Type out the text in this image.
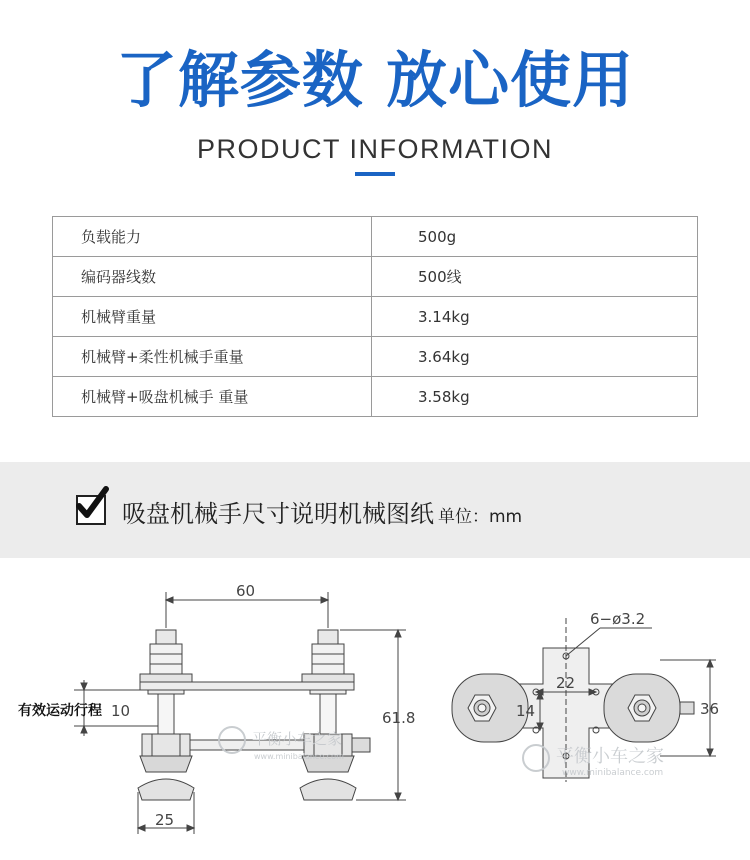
了解参数 放心使用
PRODUCT INFORMATION
负载能力	500g
编码器线数	500线
机械臂重量	3.14kg
机械臂+柔性机械手重量	3.64kg
机械臂+吸盘机械手 重量	3.58kg
吸盘机械手尺寸说明机械图纸 单位：mm
60
10	61.8
25
6−ø3.2
22
14	36
平衡小车之家
www.minibalance.com	平衡小车之家
www.minibalance.com
有效运动行程
